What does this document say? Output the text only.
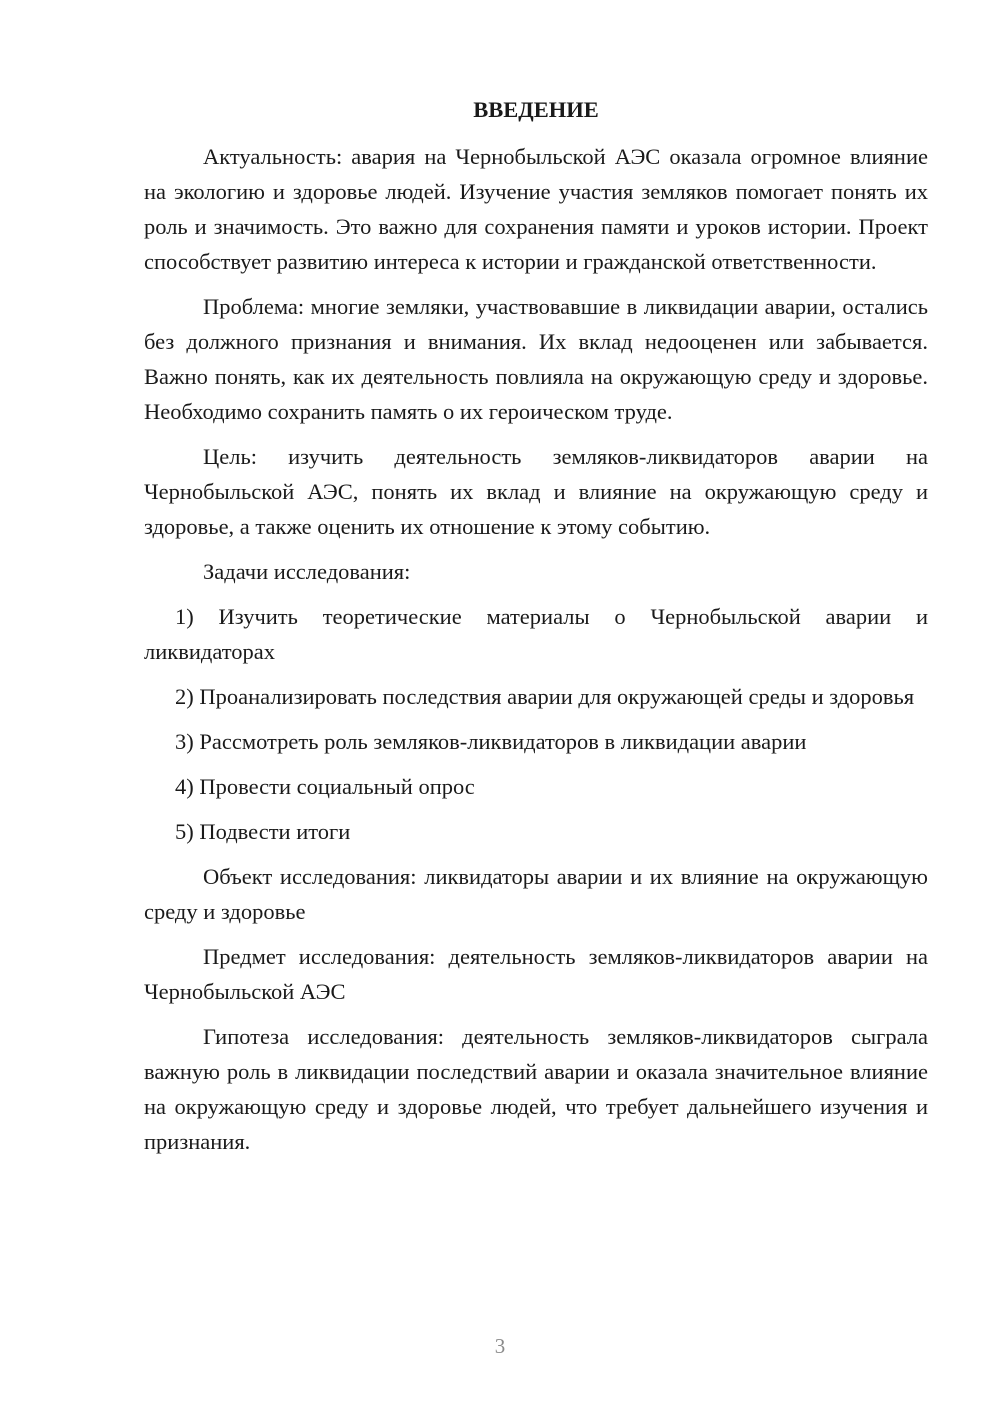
ВВЕДЕНИЕ

Актуальность: авария на Чернобыльской АЭС оказала огромное влияние на экологию и здоровье людей. Изучение участия земляков помогает понять их роль и значимость. Это важно для сохранения памяти и уроков истории. Проект способствует развитию интереса к истории и гражданской ответственности.

Проблема: многие земляки, участвовавшие в ликвидации аварии, остались без должного признания и внимания. Их вклад недооценен или забывается. Важно понять, как их деятельность повлияла на окружающую среду и здоровье. Необходимо сохранить память о их героическом труде.

Цель: изучить деятельность земляков-ликвидаторов аварии на Чернобыльской АЭС, понять их вклад и влияние на окружающую среду и здоровье, а также оценить их отношение к этому событию.

Задачи исследования:

1) Изучить теоретические материалы о Чернобыльской аварии и ликвидаторах

2) Проанализировать последствия аварии для окружающей среды и здоровья

3) Рассмотреть роль земляков-ликвидаторов в ликвидации аварии

4) Провести социальный опрос

5) Подвести итоги

Объект исследования: ликвидаторы аварии и их влияние на окружающую среду и здоровье

Предмет исследования: деятельность земляков-ликвидаторов аварии на Чернобыльской АЭС

Гипотеза исследования: деятельность земляков-ликвидаторов сыграла важную роль в ликвидации последствий аварии и оказала значительное влияние на окружающую среду и здоровье людей, что требует дальнейшего изучения и признания.

3
